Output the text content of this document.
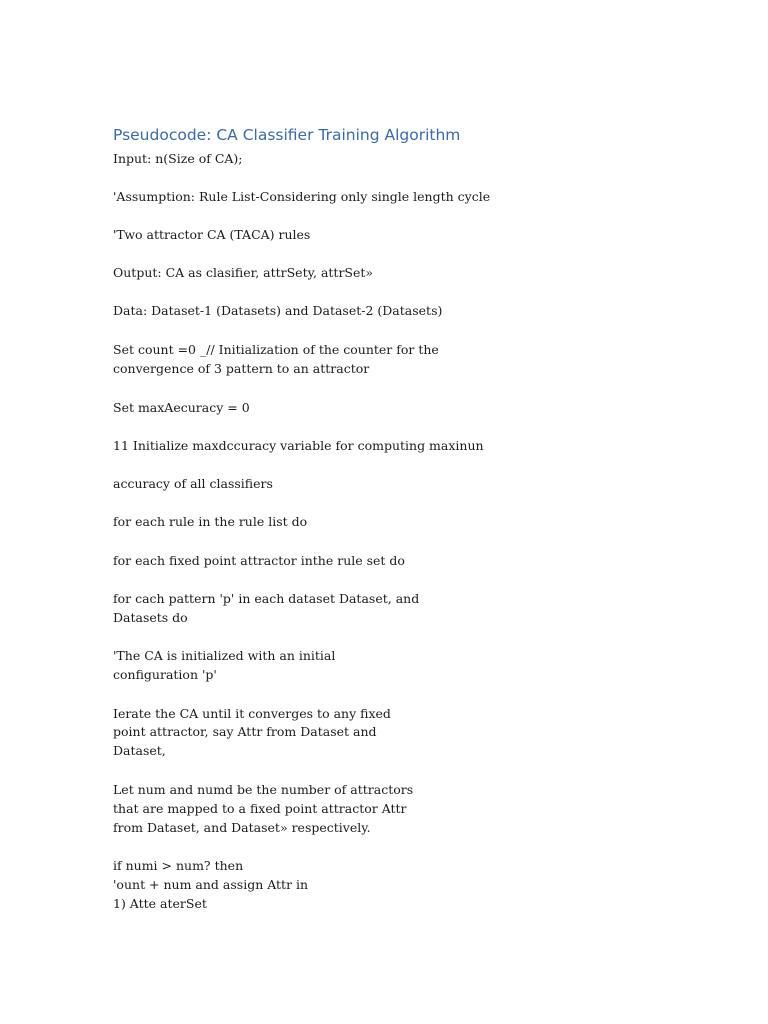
Pseudocode: CA Classifier Training Algorithm

Input: n(Size of CA);

'Assumption: Rule List-Considering only single length cycle

'Two attractor CA (TACA) rules

Output: CA as clasifier, attrSety, attrSet»

Data: Dataset-1 (Datasets) and Dataset-2 (Datasets)

Set count =0 _// Initialization of the counter for the

convergence of 3 pattern to an attractor

Set maxAecuracy = 0

11 Initialize maxdccuracy variable for computing maxinun

accuracy of all classifiers

for each rule in the rule list do

for each fixed point attractor inthe rule set do

for cach pattern 'p' in each dataset Dataset, and

Datasets do

'The CA is initialized with an initial

configuration 'p'

Ierate the CA until it converges to any fixed

point attractor, say Attr from Dataset and

Dataset,

Let num and numd be the number of attractors

that are mapped to a fixed point attractor Attr

from Dataset, and Dataset» respectively.

if numi > num? then

'ount + num and assign Attr in

1) Atte aterSet
